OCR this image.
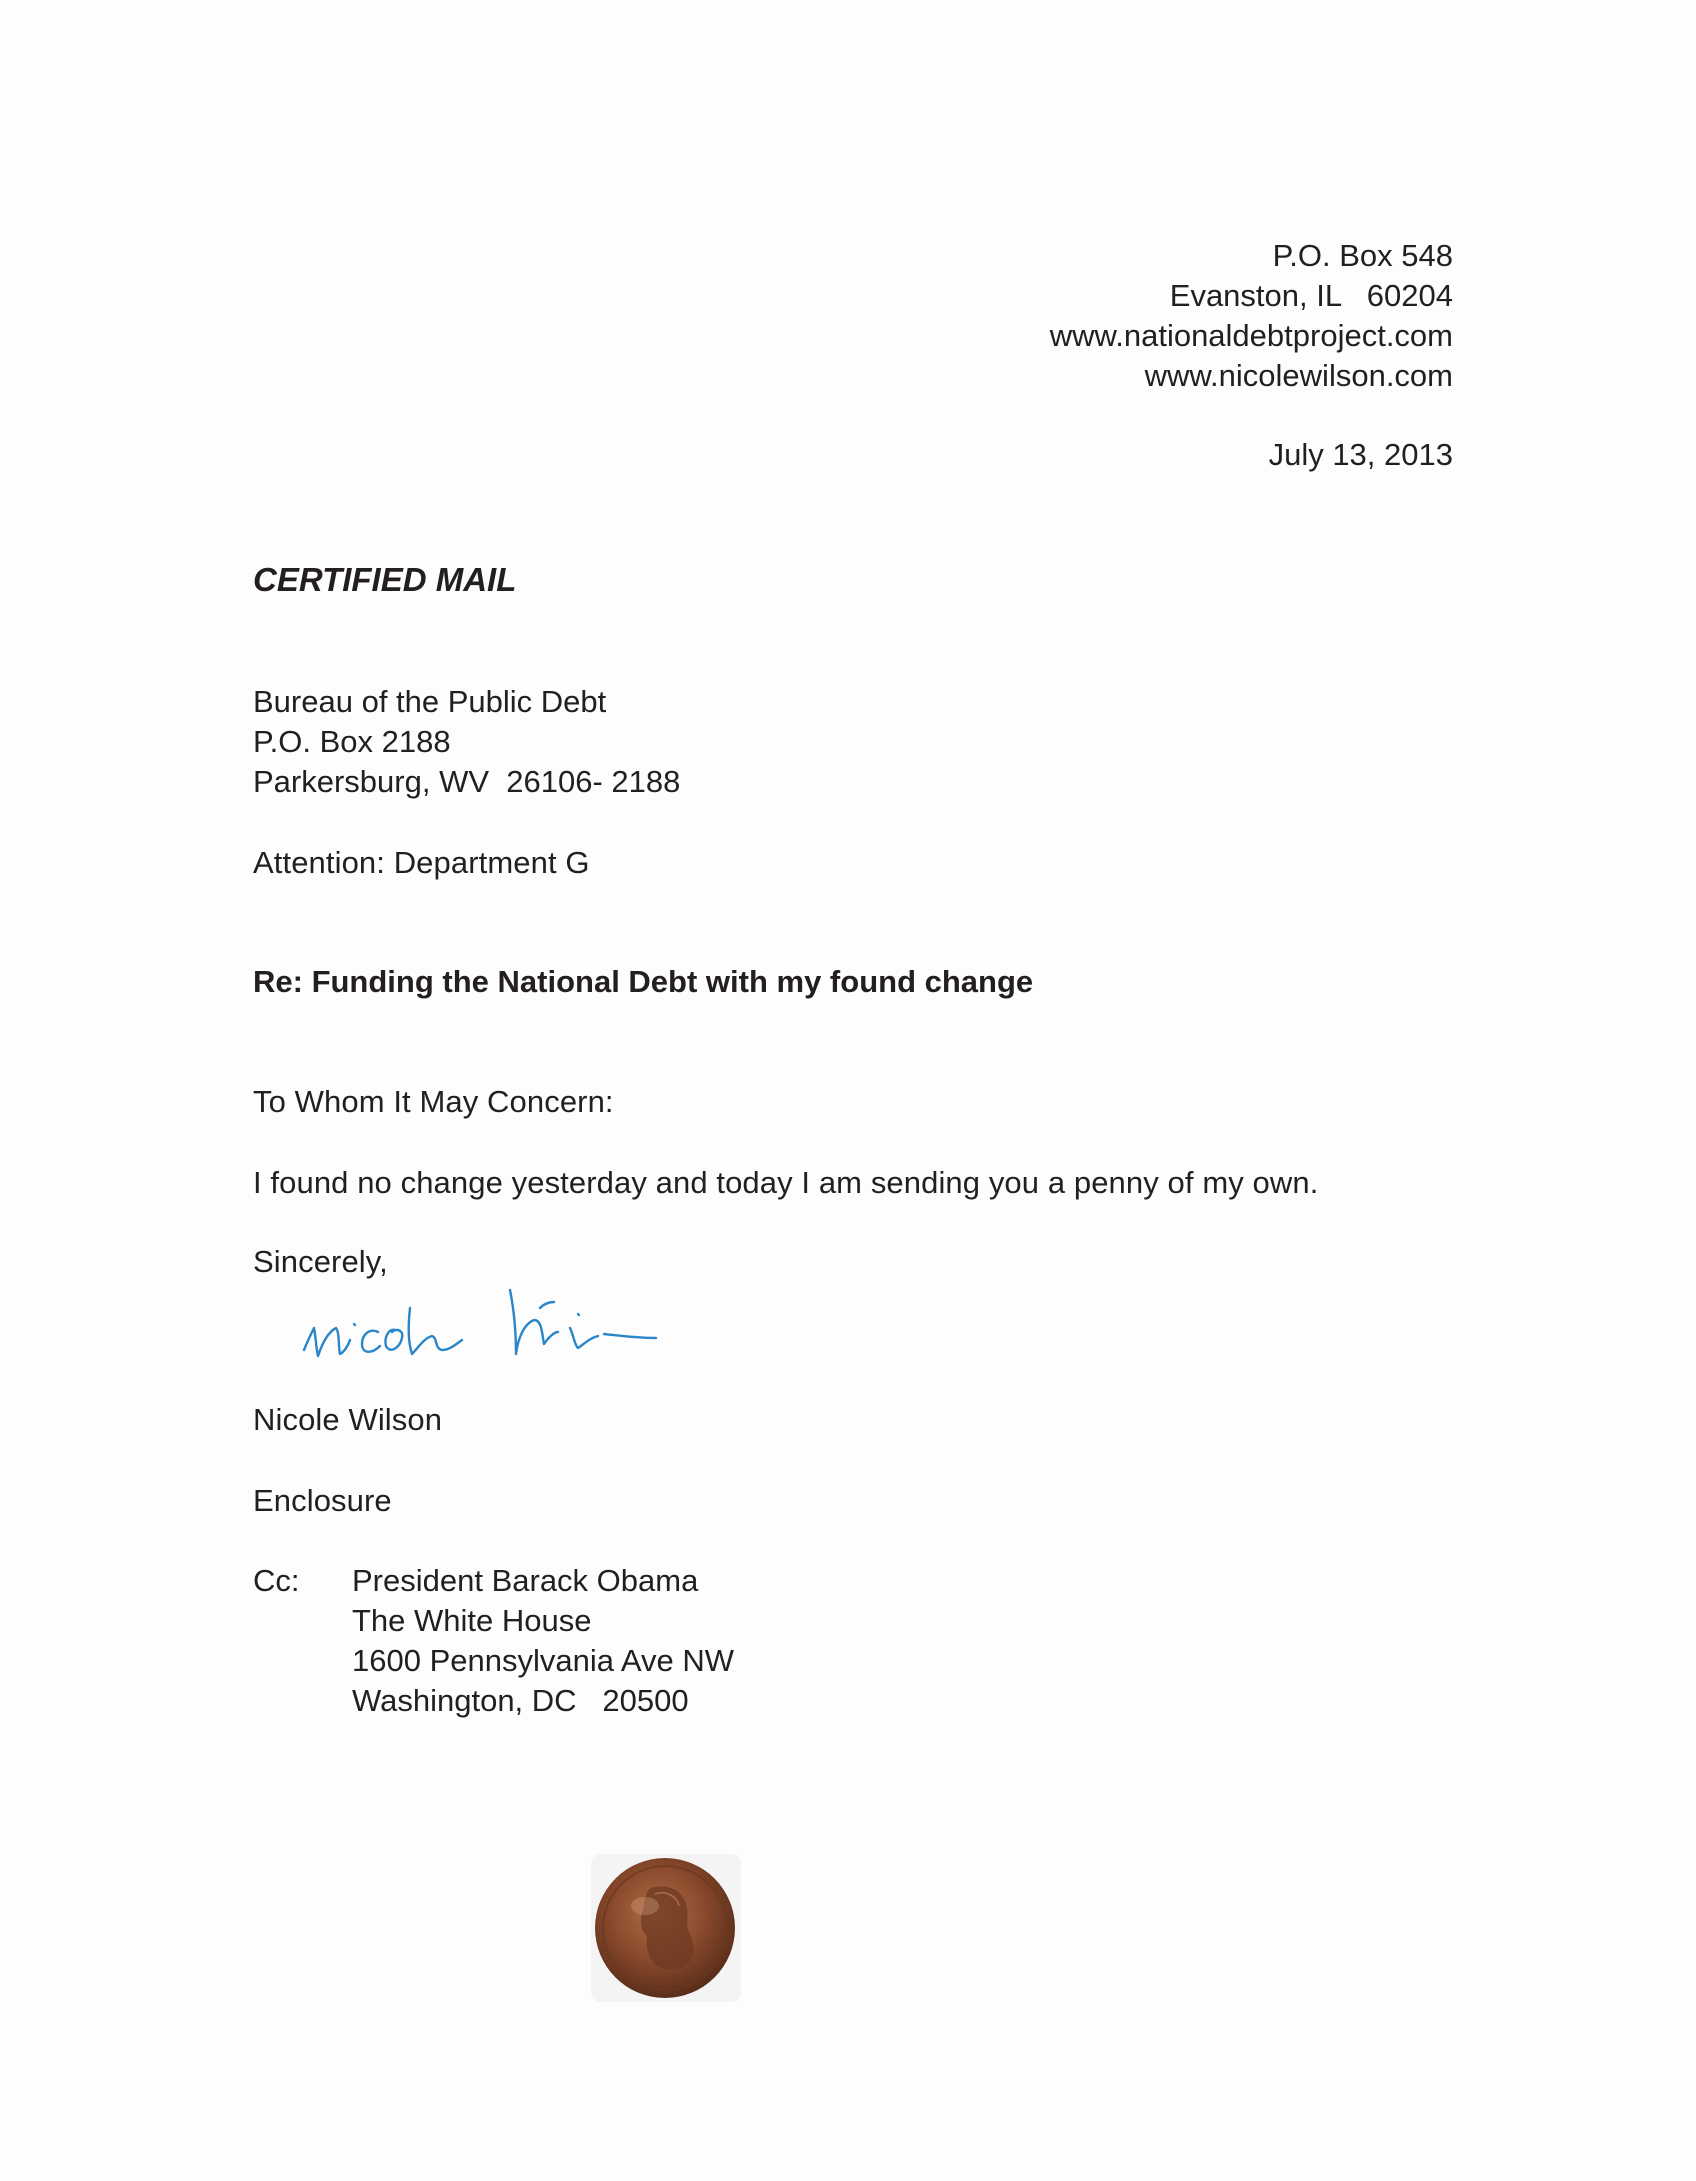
P.O. Box 548
Evanston, IL   60204
www.nationaldebtproject.com
www.nicolewilson.com
July 13, 2013
CERTIFIED MAIL
Bureau of the Public Debt
P.O. Box 2188
Parkersburg, WV  26106- 2188
Attention: Department G
Re: Funding the National Debt with my found change
To Whom It May Concern:
I found no change yesterday and today I am sending you a penny of my own.
Sincerely,
Nicole Wilson
Enclosure
Cc: President Barack Obama
The White House
1600 Pennsylvania Ave NW
Washington, DC   20500
